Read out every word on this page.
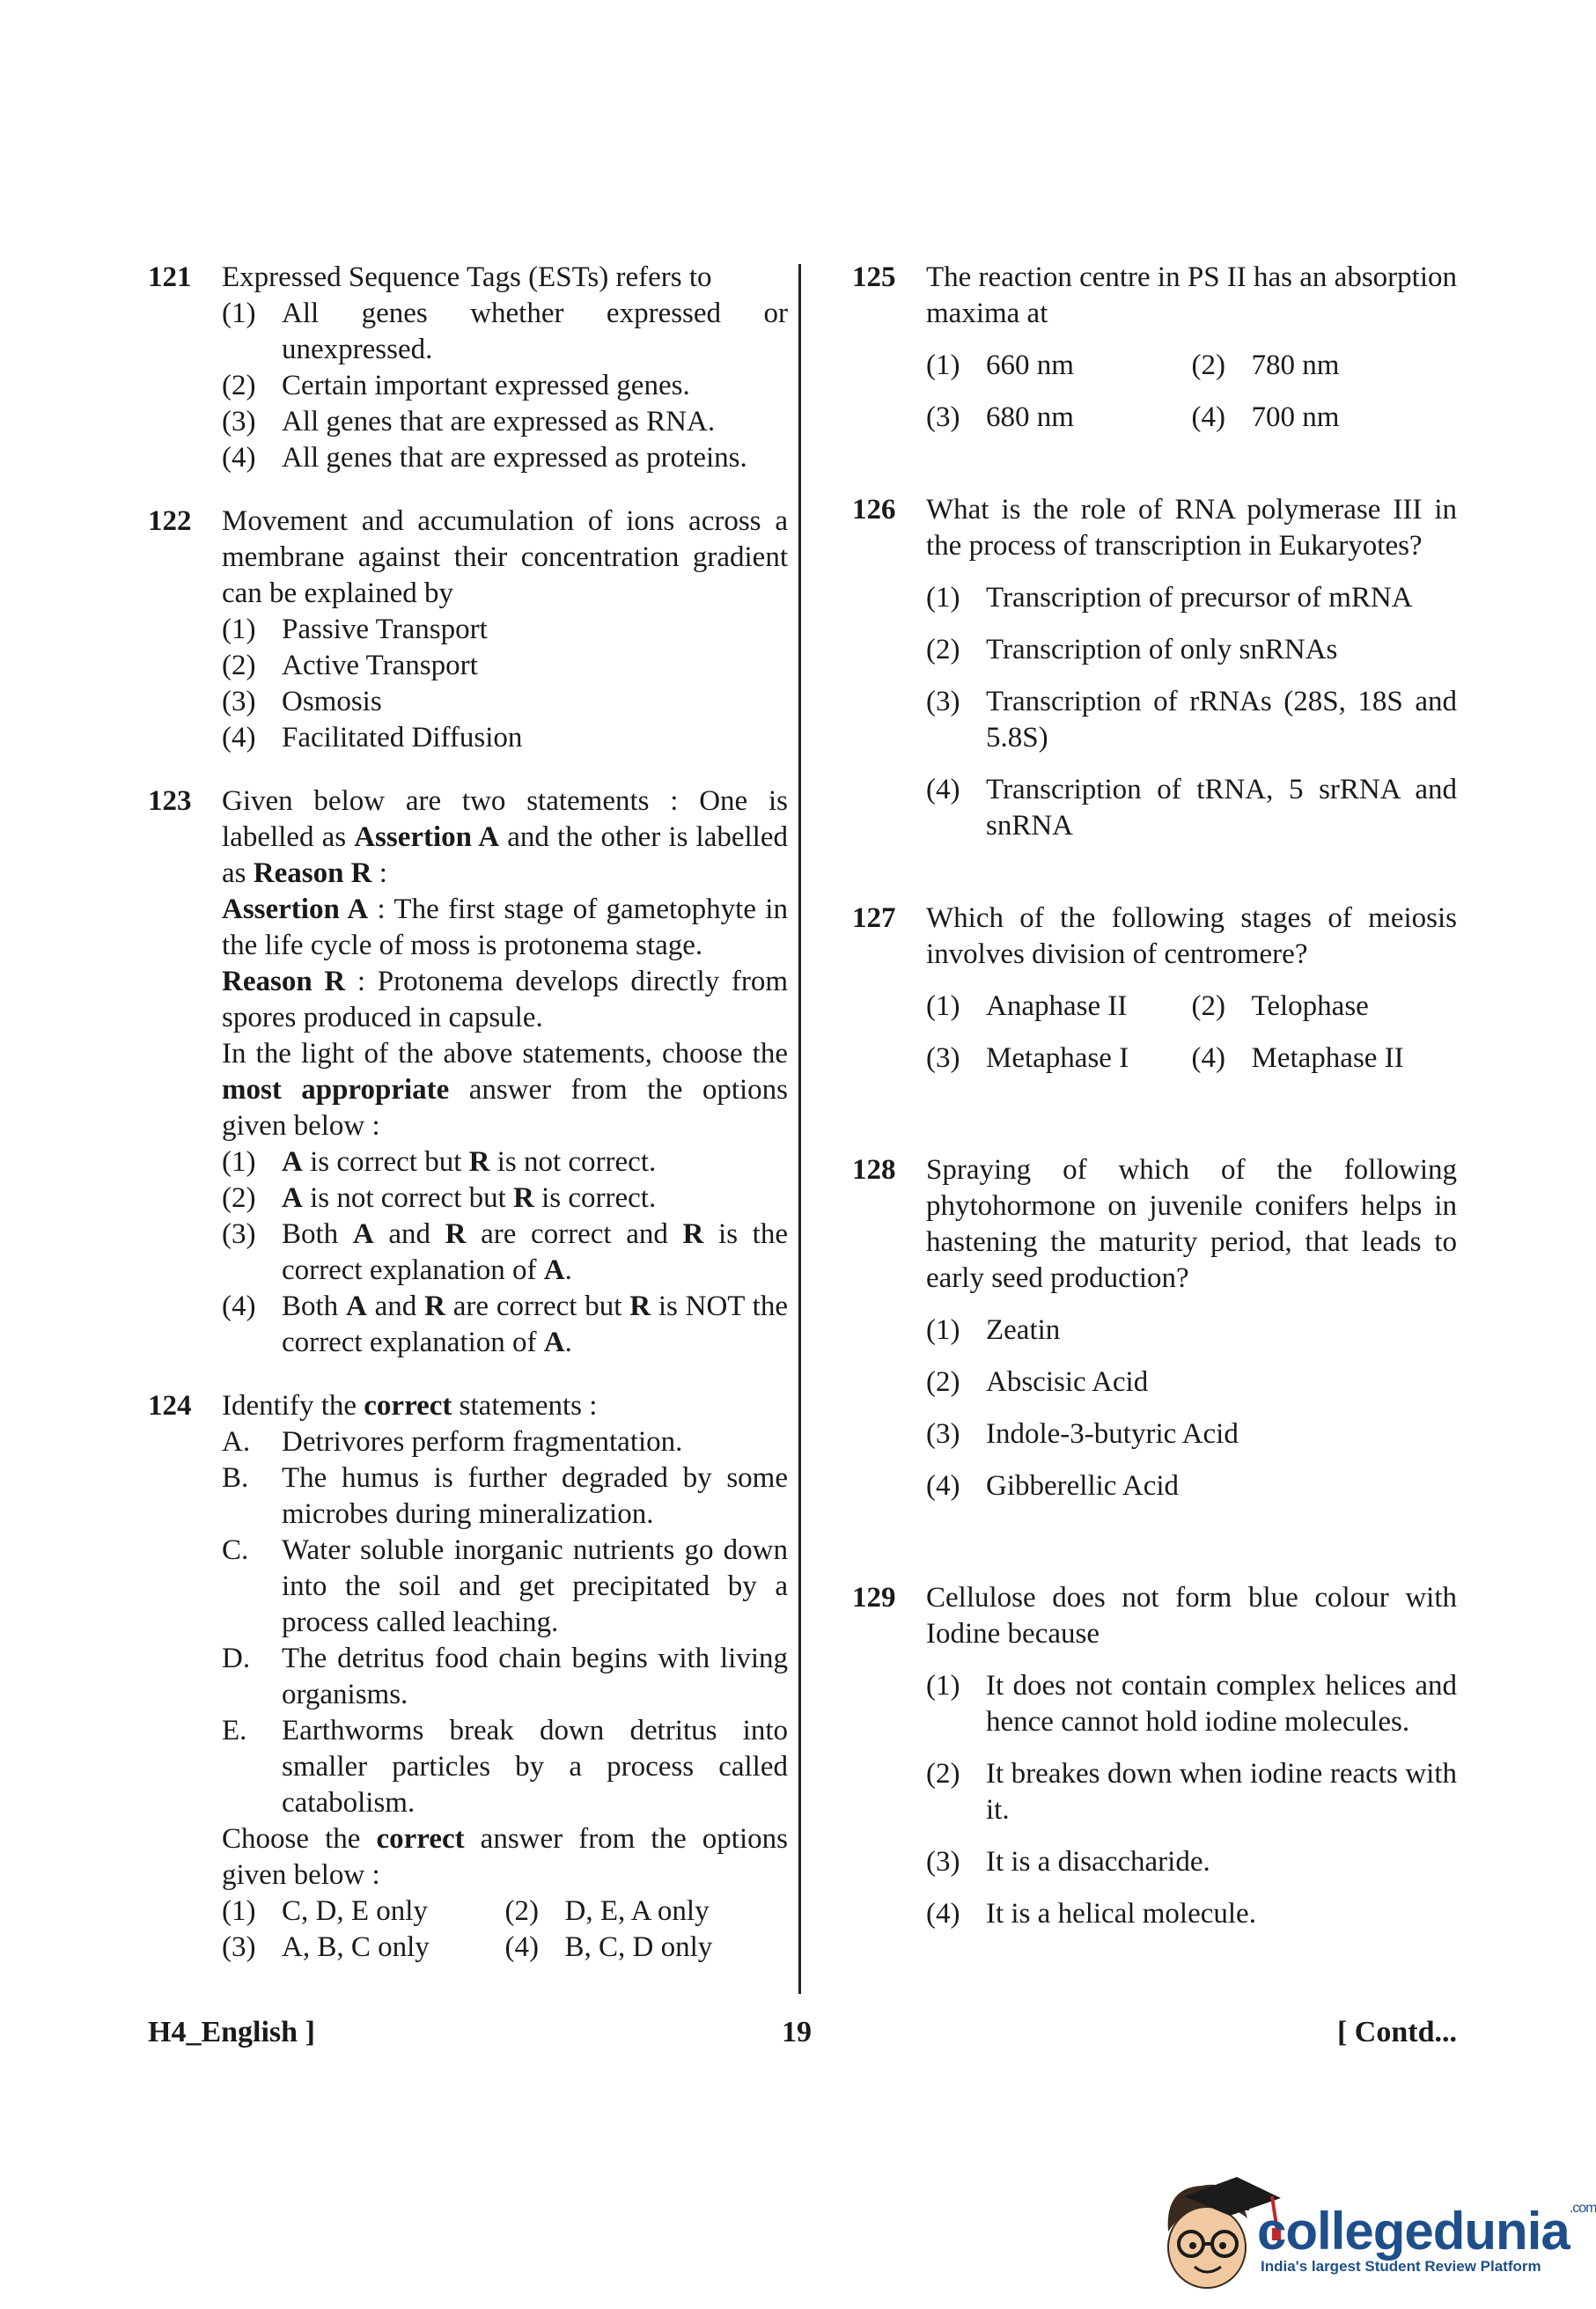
121 Expressed Sequence Tags (ESTs) refers to
(1) All genes whether expressed or unexpressed.
(2) Certain important expressed genes.
(3) All genes that are expressed as RNA.
(4) All genes that are expressed as proteins.
122 Movement and accumulation of ions across a membrane against their concentration gradient can be explained by
(1) Passive Transport
(2) Active Transport
(3) Osmosis
(4) Facilitated Diffusion
123 Given below are two statements : One is labelled as Assertion A and the other is labelled as Reason R :
Assertion A : The first stage of gametophyte in the life cycle of moss is protonema stage.
Reason R : Protonema develops directly from spores produced in capsule.
In the light of the above statements, choose the most appropriate answer from the options given below :
(1) A is correct but R is not correct.
(2) A is not correct but R is correct.
(3) Both A and R are correct and R is the correct explanation of A.
(4) Both A and R are correct but R is NOT the correct explanation of A.
124 Identify the correct statements :
A.	Detrivores perform fragmentation.
B.	The humus is further degraded by some microbes during mineralization.
C.	Water soluble inorganic nutrients go down into the soil and get precipitated by a process called leaching.
D.	The detritus food chain begins with living organisms.
E.	Earthworms break down detritus into smaller particles by a process called catabolism.
Choose the correct answer from the options given below :
(1) C, D, E only	(2) D, E, A only
(3) A, B, C only	(4) B, C, D only
125 The reaction centre in PS II has an absorption maxima at
(1) 660 nm	(2) 780 nm
(3) 680 nm	(4) 700 nm
126 What is the role of RNA polymerase III in the process of transcription in Eukaryotes?
(1) Transcription of precursor of mRNA
(2) Transcription of only snRNAs
(3) Transcription of rRNAs (28S, 18S and 5.8S)
(4) Transcription of tRNA, 5 srRNA and snRNA
127 Which of the following stages of meiosis involves division of centromere?
(1) Anaphase II	(2) Telophase
(3) Metaphase I	(4) Metaphase II
128 Spraying of which of the following phytohormone on juvenile conifers helps in hastening the maturity period, that leads to early seed production?
(1) Zeatin
(2) Abscisic Acid
(3) Indole-3-butyric Acid
(4) Gibberellic Acid
129 Cellulose does not form blue colour with Iodine because
(1) It does not contain complex helices and hence cannot hold iodine molecules.
(2) It breakes down when iodine reacts with it.
(3) It is a disaccharide.
(4) It is a helical molecule.
H4_English ]	19	[ Contd...
collegedunia$^{.com}$
India's largest Student Review Platform
